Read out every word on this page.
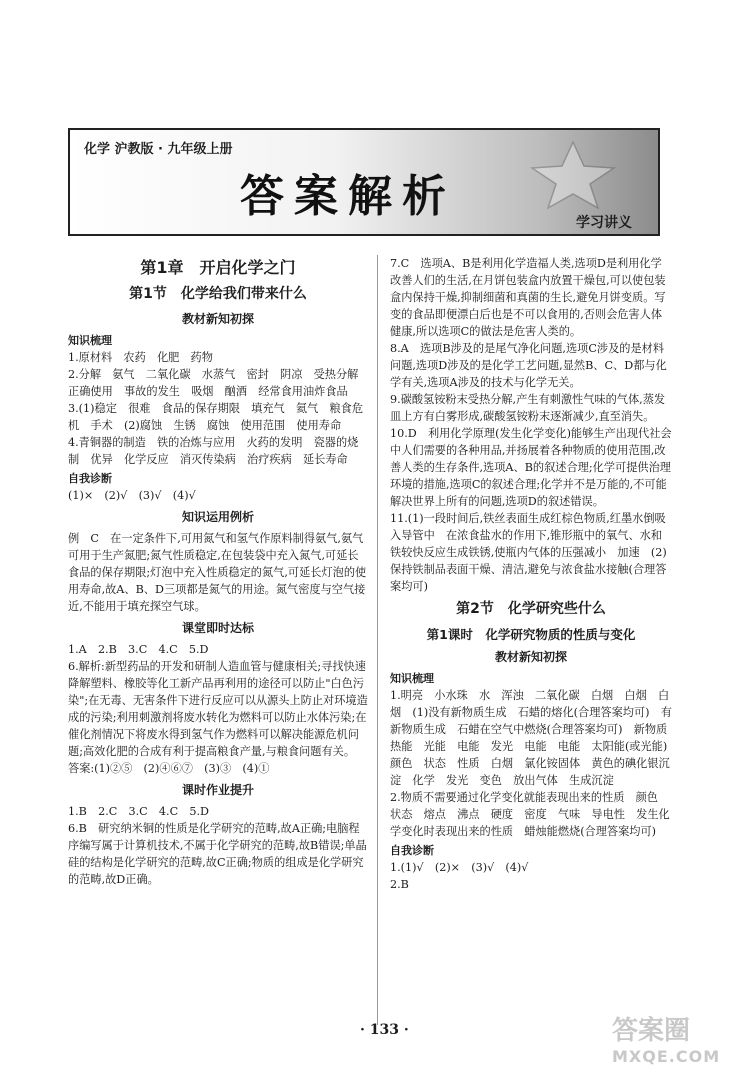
化学 沪教版 · 九年级上册
答案解析
学习讲义
第1章　开启化学之门
第1节　化学给我们带来什么
教材新知初探
知识梳理

1.原材料　农药　化肥　药物

2.分解　氨气　二氧化碳　水蒸气　密封　阴凉　受热分解　正确使用　事故的发生　吸烟　酗酒　经常食用油炸食品

3.(1)稳定　很难　食品的保存期限　填充气　氦气　粮食危机　手术　(2)腐蚀　生锈　腐蚀　使用范围　使用寿命

4.青铜器的制造　铁的冶炼与应用　火药的发明　瓷器的烧制　优异　化学反应　消灭传染病　治疗疾病　延长寿命

自我诊断

(1)×　(2)√　(3)√　(4)√

知识运用例析

例　C　在一定条件下,可用氮气和氢气作原料制得氨气,氨气可用于生产氮肥;氮气性质稳定,在包装袋中充入氮气,可延长食品的保存期限;灯泡中充入性质稳定的氮气,可延长灯泡的使用寿命,故A、B、D三项都是氮气的用途。氮气密度与空气接近,不能用于填充探空气球。

课堂即时达标

1.A　2.B　3.C　4.C　5.D

6.解析:新型药品的开发和研制人造血管与健康相关;寻找快速降解塑料、橡胶等化工新产品再利用的途径可以防止"白色污染";在无毒、无害条件下进行反应可以从源头上防止对环境造成的污染;利用刺激剂将废水转化为燃料可以防止水体污染;在催化剂情况下将废水得到氢气作为燃料可以解决能源危机问题;高效化肥的合成有利于提高粮食产量,与粮食问题有关。

答案:(1)②⑤　(2)④⑥⑦　(3)③　(4)①

课时作业提升

1.B　2.C　3.C　4.C　5.D

6.B　研究纳米铜的性质是化学研究的范畴,故A正确;电脑程序编写属于计算机技术,不属于化学研究的范畴,故B错误;单晶硅的结构是化学研究的范畴,故C正确;物质的组成是化学研究的范畴,故D正确。

7.C　选项A、B是利用化学造福人类,选项D是利用化学改善人们的生活,在月饼包装盒内放置干燥包,可以使包装盒内保持干燥,抑制细菌和真菌的生长,避免月饼变质。写变的食品即便漂白后也是不可以食用的,否则会危害人体健康,所以选项C的做法是危害人类的。

8.A　选项B涉及的是尾气净化问题,选项C涉及的是材料问题,选项D涉及的是化学工艺问题,显然B、C、D都与化学有关,选项A涉及的技术与化学无关。

9.碳酸氢铵粉末受热分解,产生有刺激性气味的气体,蒸发皿上方有白雾形成,碳酸氢铵粉末逐渐减少,直至消失。

10.D　利用化学原理(发生化学变化)能够生产出现代社会中人们需要的各种用品,并扬展着各种物质的使用范围,改善人类的生存条件,选项A、B的叙述合理;化学可提供治理环境的措施,选项C的叙述合理;化学并不是万能的,不可能解决世界上所有的问题,选项D的叙述错误。

11.(1)一段时间后,铁丝表面生成红棕色物质,红墨水倒吸入导管中　在浓食盐水的作用下,锥形瓶中的氧气、水和铁较快反应生成铁锈,使瓶内气体的压强减小　加速　(2)保持铁制品表面干燥、清洁,避免与浓食盐水接触(合理答案均可)

第2节　化学研究些什么
第1课时　化学研究物质的性质与变化
教材新知初探
知识梳理

1.明亮　小水珠　水　浑浊　二氧化碳　白烟　白烟　白烟　(1)没有新物质生成　石蜡的熔化(合理答案均可)　有新物质生成　石蜡在空气中燃烧(合理答案均可)　新物质　热能　光能　电能　发光　电能　电能　太阳能(或光能)　颜色　状态　性质　白烟　氯化铵固体　黄色的碘化银沉淀　化学　发光　变色　放出气体　生成沉淀

2.物质不需要通过化学变化就能表现出来的性质　颜色　状态　熔点　沸点　硬度　密度　气味　导电性　发生化学变化时表现出来的性质　蜡烛能燃烧(合理答案均可)

自我诊断

1.(1)√　(2)×　(3)√　(4)√

2.B

· 133 ·	答案圈
MXQE.COM
